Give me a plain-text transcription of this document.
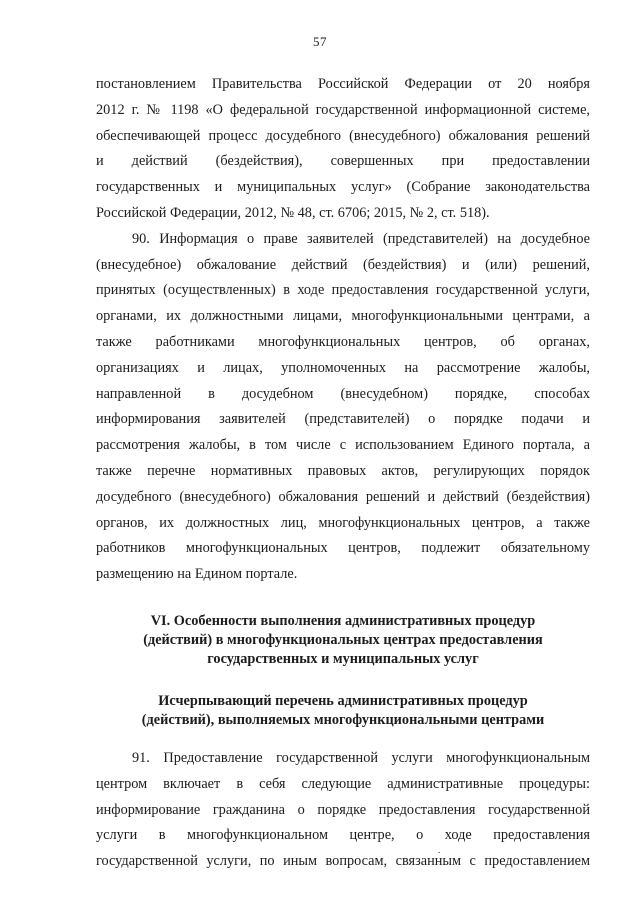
57
постановлением Правительства Российской Федерации от 20 ноября
2012 г. № 1198 «О федеральной государственной информационной системе,
обеспечивающей процесс досудебного (внесудебного) обжалования решений
и действий (бездействия), совершенных при предоставлении
государственных и муниципальных услуг» (Собрание законодательства
Российской Федерации, 2012, № 48, ст. 6706; 2015, № 2, ст. 518).
90. Информация о праве заявителей (представителей) на досудебное
(внесудебное) обжалование действий (бездействия) и (или) решений,
принятых (осуществленных) в ходе предоставления государственной услуги,
органами, их должностными лицами, многофункциональными центрами, а
также работниками многофункциональных центров, об органах,
организациях и лицах, уполномоченных на рассмотрение жалобы,
направленной в досудебном (внесудебном) порядке, способах
информирования заявителей (представителей) о порядке подачи и
рассмотрения жалобы, в том числе с использованием Единого портала, а
также перечне нормативных правовых актов, регулирующих порядок
досудебного (внесудебного) обжалования решений и действий (бездействия)
органов, их должностных лиц, многофункциональных центров, а также
работников многофункциональных центров, подлежит обязательному
размещению на Едином портале.
VI. Особенности выполнения административных процедур
(действий) в многофункциональных центрах предоставления
государственных и муниципальных услуг
Исчерпывающий перечень административных процедур
(действий), выполняемых многофункциональными центрами
91. Предоставление государственной услуги многофункциональным
центром включает в себя следующие административные процедуры:
информирование гражданина о порядке предоставления государственной
услуги в многофункциональном центре, о ходе предоставления
государственной услуги, по иным вопросам, связанным с предоставлением
